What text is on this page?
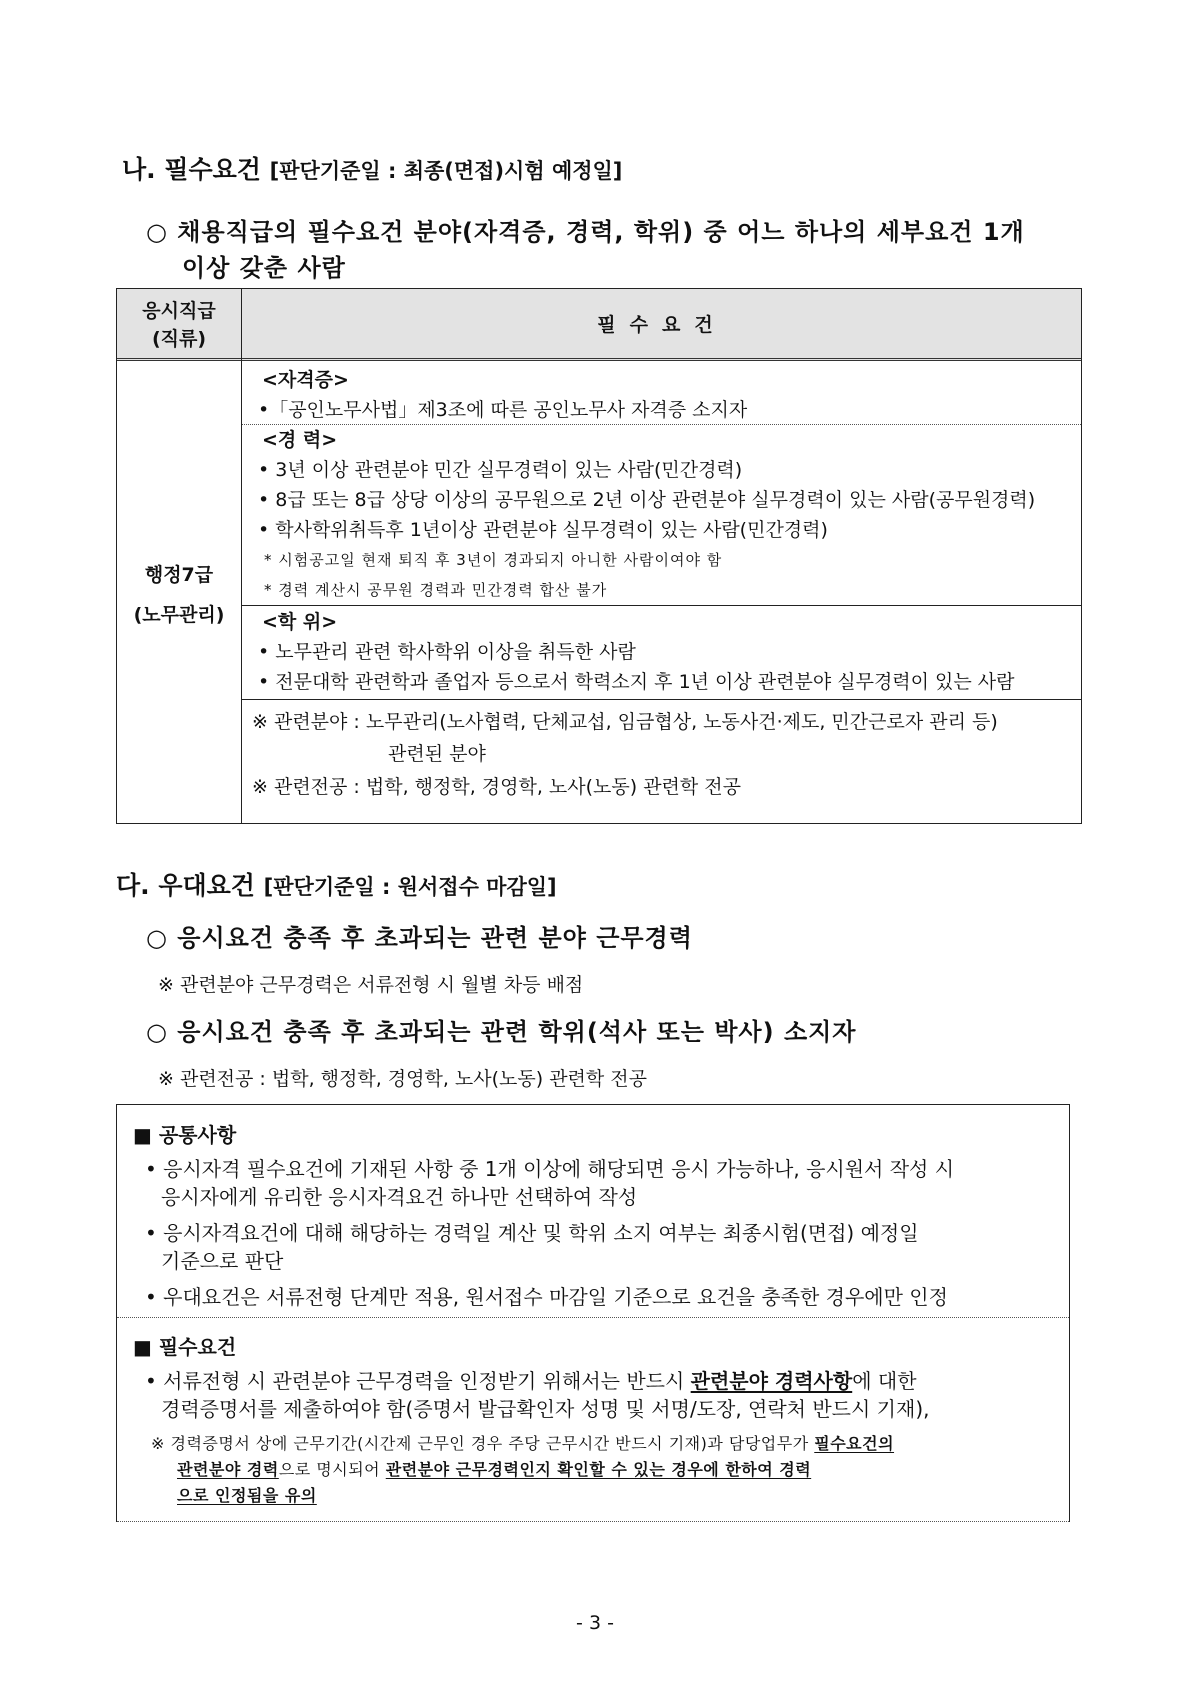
나. 필수요건 [판단기준일 : 최종(면접)시험 예정일]
○ 채용직급의 필수요건 분야(자격증, 경력, 학위) 중 어느 하나의 세부요건 1개
이상 갖춘 사람
응시직급
(직류)
필수요건
행정7급
(노무관리)
<자격증>
•「공인노무사법」제3조에 따른 공인노무사 자격증 소지자
<경 력>
• 3년 이상 관련분야 민간 실무경력이 있는 사람(민간경력)
• 8급 또는 8급 상당 이상의 공무원으로 2년 이상 관련분야 실무경력이 있는 사람(공무원경력)
• 학사학위취득후 1년이상 관련분야 실무경력이 있는 사람(민간경력)
* 시험공고일 현재 퇴직 후 3년이 경과되지 아니한 사람이여야 함
* 경력 계산시 공무원 경력과 민간경력 합산 불가
<학 위>
• 노무관리 관련 학사학위 이상을 취득한 사람
• 전문대학 관련학과 졸업자 등으로서 학력소지 후 1년 이상 관련분야 실무경력이 있는 사람
※ 관련분야 : 노무관리(노사협력, 단체교섭, 임금협상, 노동사건·제도, 민간근로자 관리 등)
관련된 분야
※ 관련전공 : 법학, 행정학, 경영학, 노사(노동) 관련학 전공
다. 우대요건 [판단기준일 : 원서접수 마감일]
○ 응시요건 충족 후 초과되는 관련 분야 근무경력
※ 관련분야 근무경력은 서류전형 시 월별 차등 배점
○ 응시요건 충족 후 초과되는 관련 학위(석사 또는 박사) 소지자
※ 관련전공 : 법학, 행정학, 경영학, 노사(노동) 관련학 전공
■ 공통사항
• 응시자격 필수요건에 기재된 사항 중 1개 이상에 해당되면 응시 가능하나, 응시원서 작성 시
응시자에게 유리한 응시자격요건 하나만 선택하여 작성
• 응시자격요건에 대해 해당하는 경력일 계산 및 학위 소지 여부는 최종시험(면접) 예정일
기준으로 판단
• 우대요건은 서류전형 단계만 적용, 원서접수 마감일 기준으로 요건을 충족한 경우에만 인정
■ 필수요건
• 서류전형 시 관련분야 근무경력을 인정받기 위해서는 반드시 관련분야 경력사항에 대한
경력증명서를 제출하여야 함(증명서 발급확인자 성명 및 서명/도장, 연락처 반드시 기재),
※ 경력증명서 상에 근무기간(시간제 근무인 경우 주당 근무시간 반드시 기재)과 담당업무가 필수요건의
관련분야 경력으로 명시되어 관련분야 근무경력인지 확인할 수 있는 경우에 한하여 경력
으로 인정됨을 유의
- 3 -
